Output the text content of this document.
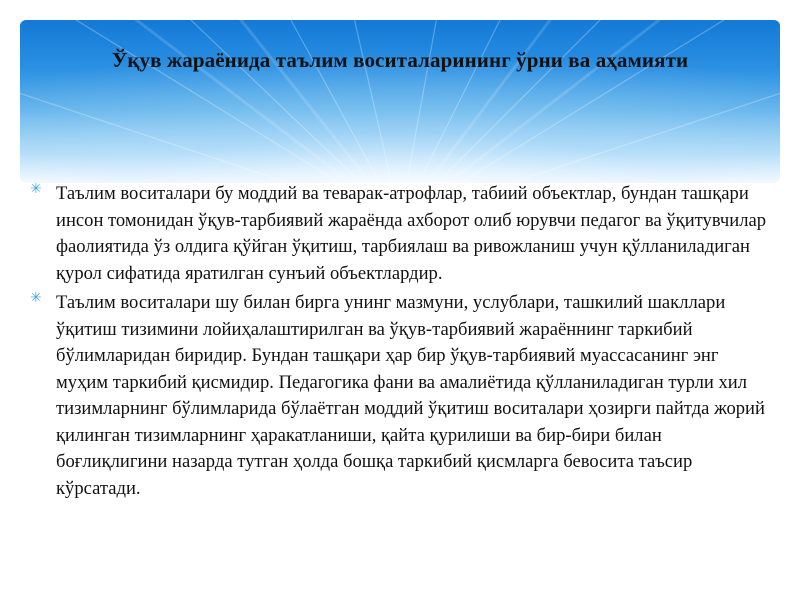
Ўқув жараёнида таълим воситаларининг ўрни ва аҳамияти

✳ Таълим воситалари бу моддий ва теварак-атрофлар, табиий объектлар, бундан ташқари инсон томонидан ўқув-тарбиявий жараёнда ахборот олиб юрувчи педагог ва ўқитувчилар фаолиятида ўз олдига қўйган ўқитиш, тарбиялаш ва ривожланиш учун қўлланиладиган қурол сифатида яратилган сунъий объектлардир.

✳ Таълим воситалари шу билан бирга унинг мазмуни, услублари, ташкилий шакллари ўқитиш тизимини лойиҳалаштирилган ва ўқув-тарбиявий жараённинг таркибий бўлимларидан биридир. Бундан ташқари ҳар бир ўқув-тарбиявий муассасанинг энг муҳим таркибий қисмидир. Педагогика фани ва амалиётида қўлланиладиган турли хил тизимларнинг бўлимларида бўлаётган моддий ўқитиш воситалари ҳозирги пайтда жорий қилинган тизимларнинг ҳаракатланиши, қайта қурилиши ва бир-бири билан боғлиқлигини назарда тутган ҳолда бошқа таркибий қисмларга бевосита таъсир кўрсатади.
